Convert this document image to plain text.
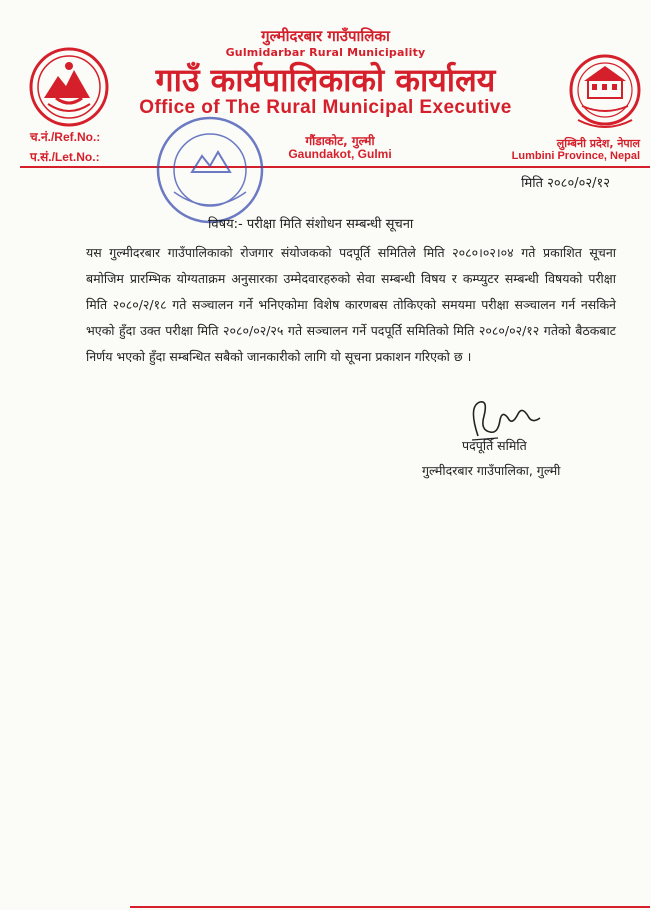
गुल्मीदरबार गाउँपालिका
Gulmidarbar Rural Municipality
गाउँ कार्यपालिकाको कार्यालय
Office of The Rural Municipal Executive
गौंडाकोट, गुल्मी
Gaundakot, Gulmi
च.नं./Ref.No.:
प.सं./Let.No.:
लुम्बिनी प्रदेश, नेपाल
Lumbini Province, Nepal
मिति २०८०/०२/१२
विषय:- परीक्षा मिति संशोधन सम्बन्धी सूचना
यस गुल्मीदरबार गाउँपालिकाको रोजगार संयोजकको पदपूर्ति समितिले मिति २०८०।०२।०४ गते प्रकाशित सूचना बमोजिम प्रारम्भिक योग्यताक्रम अनुसारका उम्मेदवारहरुको सेवा सम्बन्धी विषय र कम्प्युटर सम्बन्धी विषयको परीक्षा मिति २०८०/२/१८ गते सञ्चालन गर्ने भनिएकोमा विशेष कारणबस तोकिएको समयमा परीक्षा सञ्चालन गर्न नसकिने भएको हुँदा उक्त परीक्षा मिति २०८०/०२/२५ गते सञ्चालन गर्ने पदपूर्ति समितिको मिति २०८०/०२/१२ गतेको बैठकबाट निर्णय भएको हुँदा सम्बन्धित सबैको जानकारीको लागि यो सूचना प्रकाशन गरिएको छ ।
पदपूर्ति समिति
गुल्मीदरबार गाउँपालिका, गुल्मी
